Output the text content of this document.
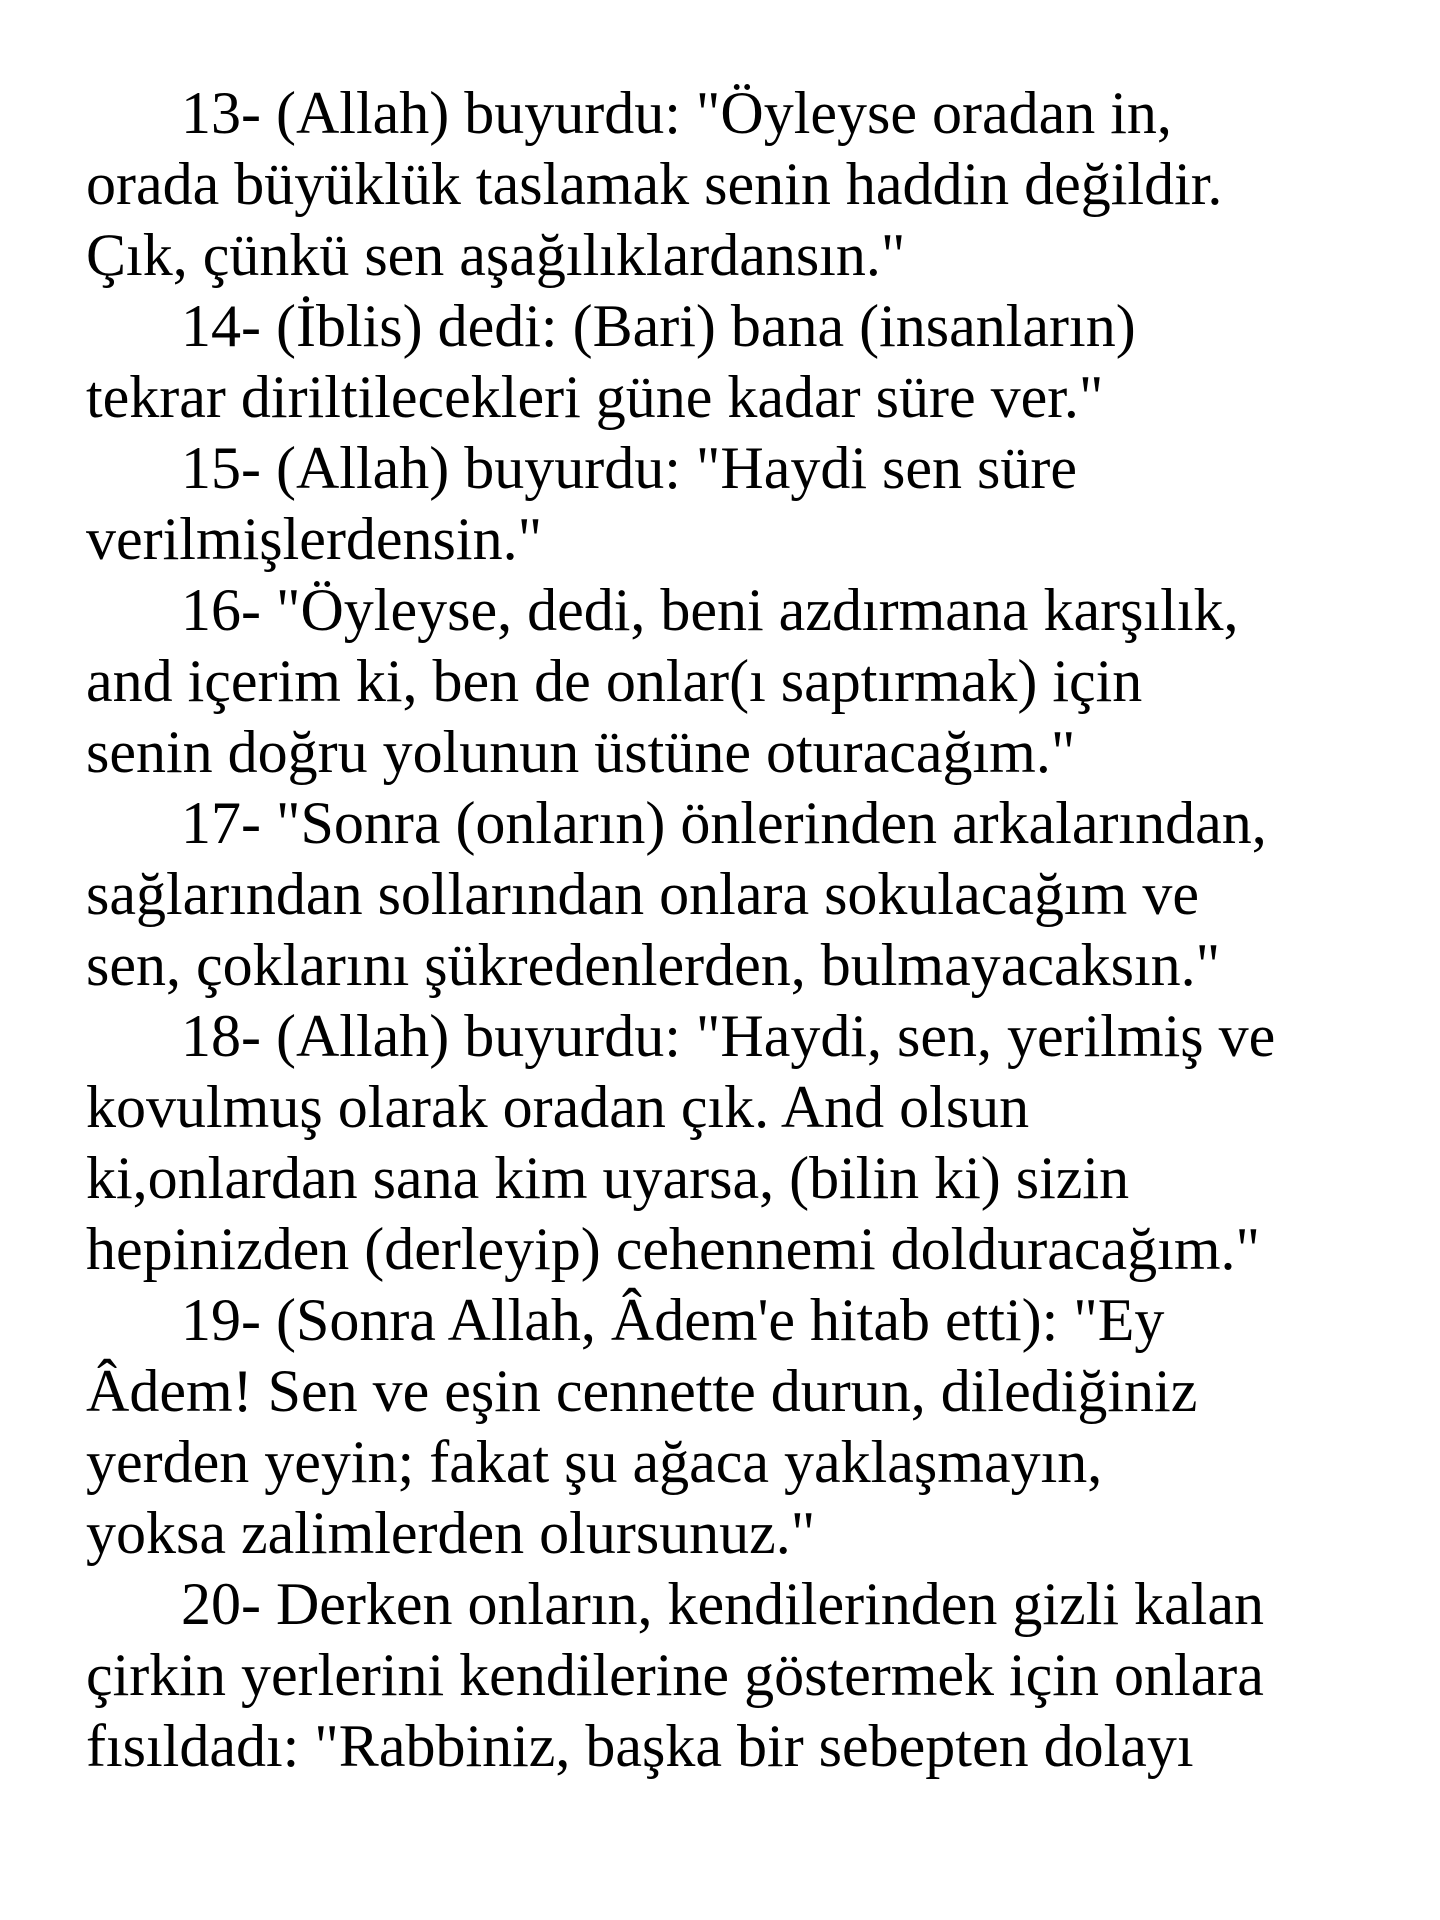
13- (Allah) buyurdu: "Öyleyse oradan in,
orada büyüklük taslamak senin haddin değildir.
Çık, çünkü sen aşağılıklardansın."
14- (İblis) dedi: (Bari) bana (insanların)
tekrar diriltilecekleri güne kadar süre ver."
15- (Allah) buyurdu: "Haydi sen süre
verilmişlerdensin."
16- "Öyleyse, dedi, beni azdırmana karşılık,
and içerim ki, ben de onlar(ı saptırmak) için
senin doğru yolunun üstüne oturacağım."
17- "Sonra (onların) önlerinden arkalarından,
sağlarından sollarından onlara sokulacağım ve
sen, çoklarını şükredenlerden, bulmayacaksın."
18- (Allah) buyurdu: "Haydi, sen, yerilmiş ve
kovulmuş olarak oradan çık. And olsun
ki,onlardan sana kim uyarsa, (bilin ki) sizin
hepinizden (derleyip) cehennemi dolduracağım."
19- (Sonra Allah, Âdem'e hitab etti): "Ey
Âdem! Sen ve eşin cennette durun, dilediğiniz
yerden yeyin; fakat şu ağaca yaklaşmayın,
yoksa zalimlerden olursunuz."
20- Derken onların, kendilerinden gizli kalan
çirkin yerlerini kendilerine göstermek için onlara
fısıldadı: "Rabbiniz, başka bir sebepten dolayı
